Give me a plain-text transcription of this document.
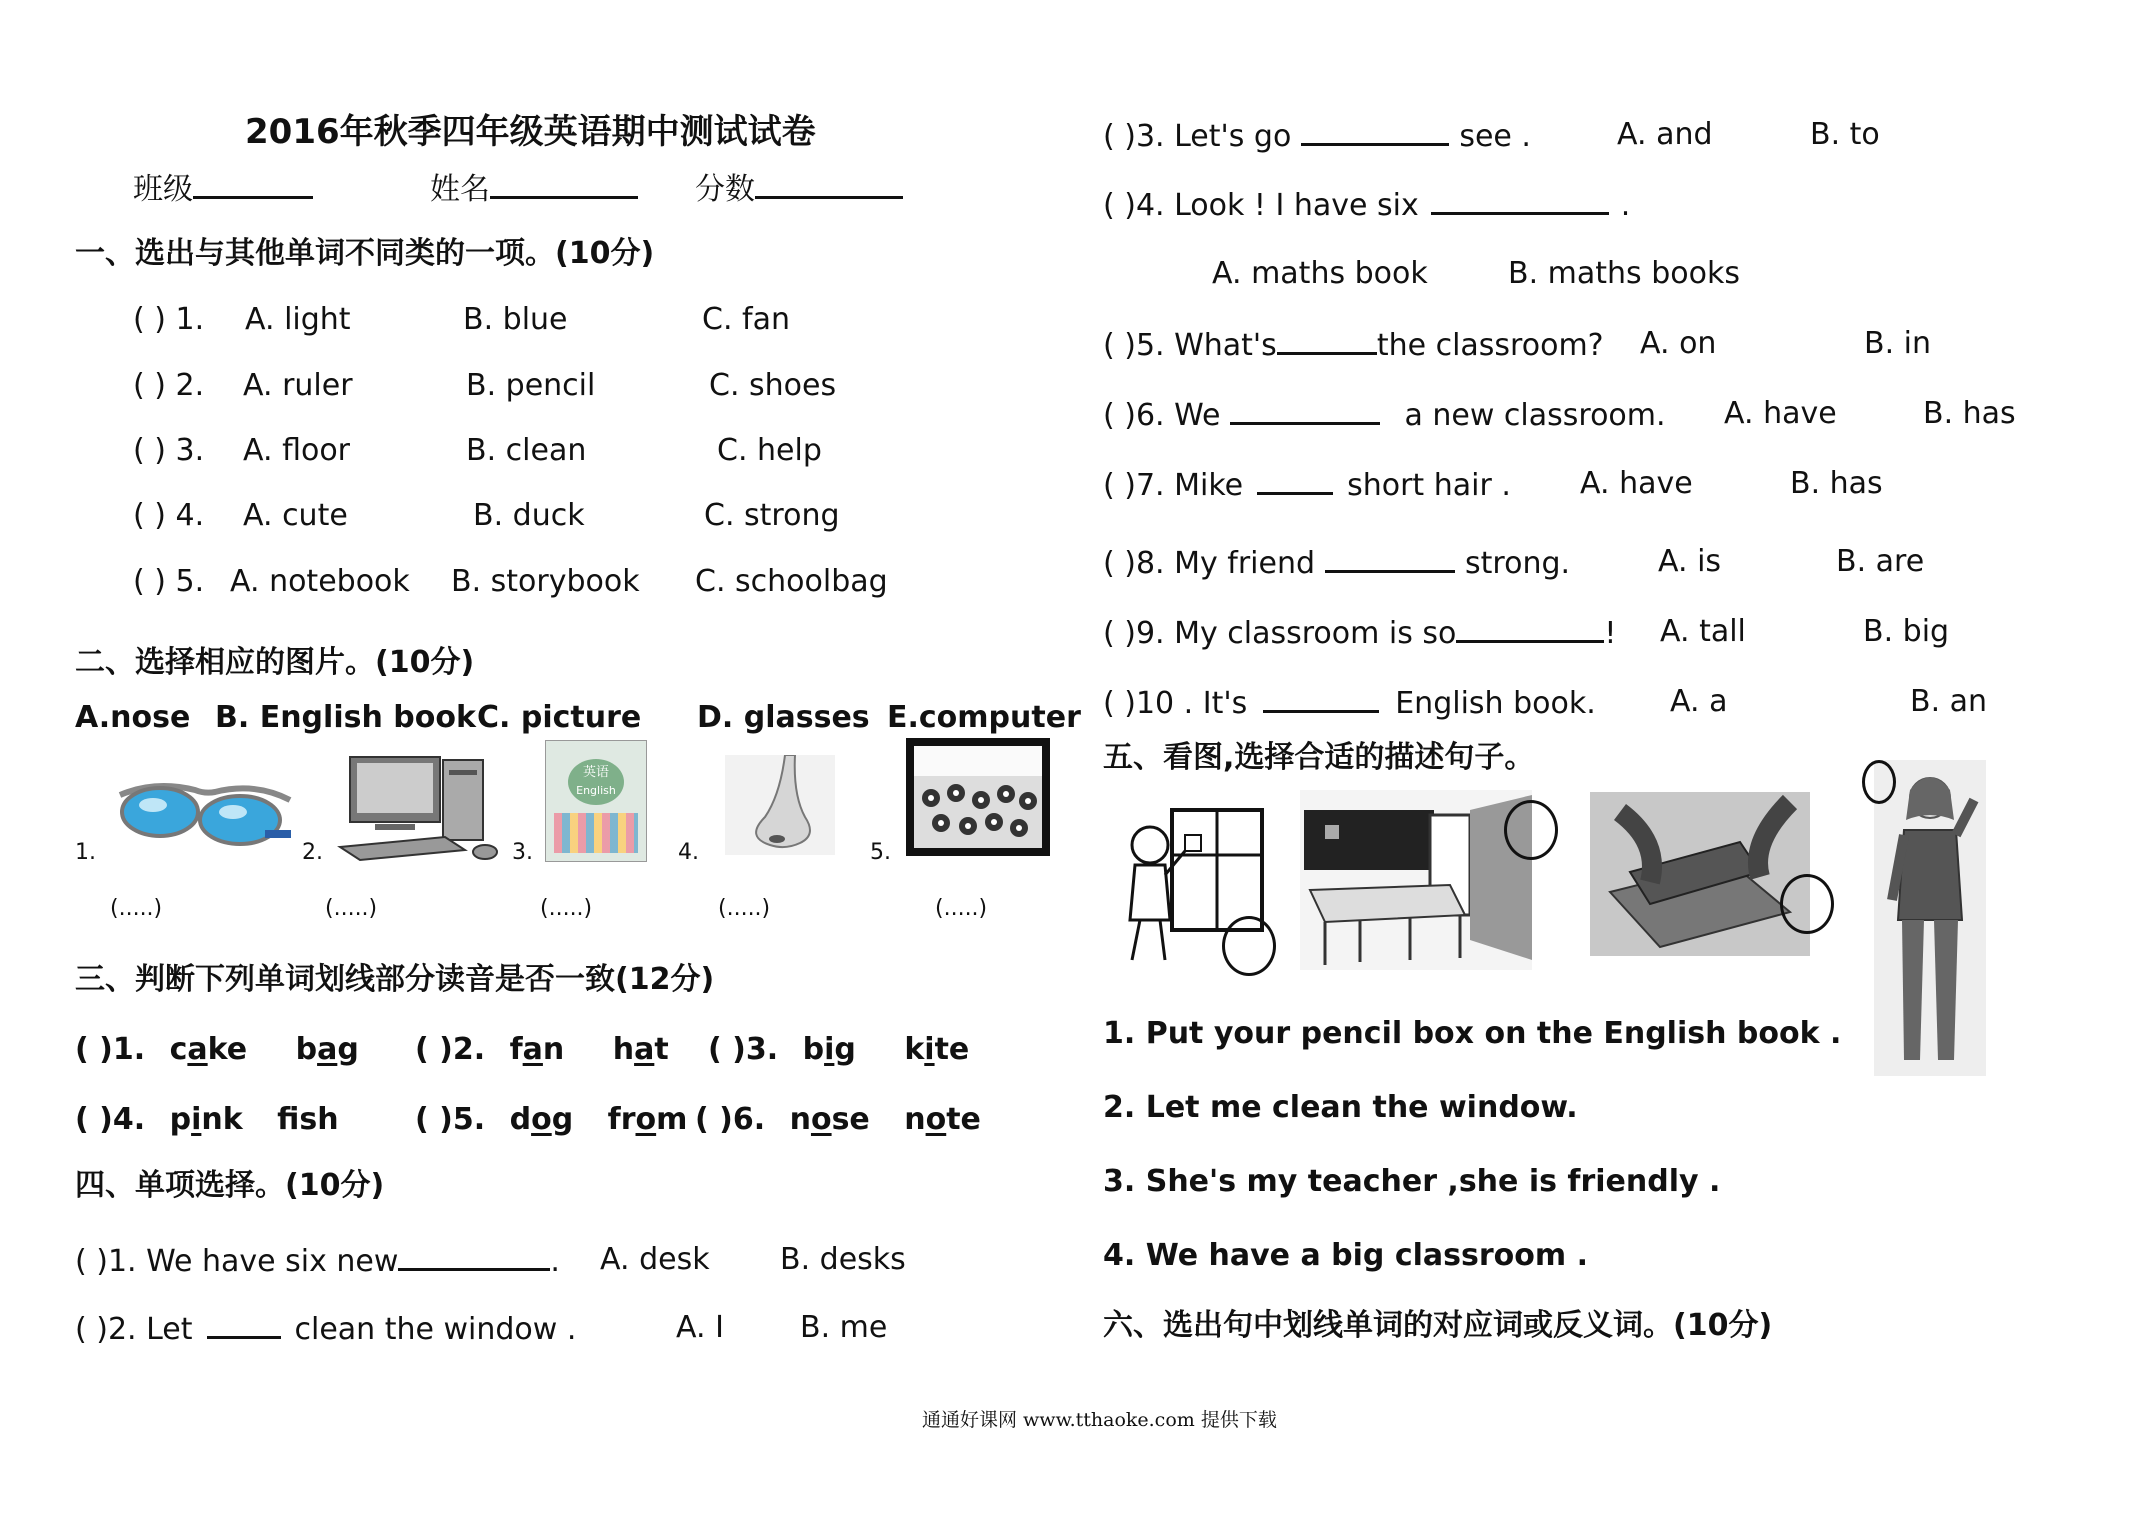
2016年秋季四年级英语期中测试试卷
班级	姓名	分数
一、选出与其他单词不同类的一项。(10分)
( ) 1. A. light	B. blue	C. fan
( ) 2. A. ruler	B. pencil	C. shoes
( ) 3. A. floor	B. clean	C. help
( ) 4. A. cute	B. duck	C. strong
( ) 5. A. notebook B. storybook C. schoolbag
二、选择相应的图片。(10分)
A.nose B. English book C. picture D. glasses E.computer
1.	2.	3.
英语
English
4.	5.
(.....)	(.....)	(.....)	(.....)	(.....)
三、判断下列单词划线部分读音是否一致(12分)
( )1. cake bag ( )2. fan hat ( )3. big kite
( )4. pink fsh	( )5. dog from ( )6. nose note
四、单项选择。(10分)
( )1. We have six new	. A. desk B. desks
( )2. Let	clean the window .	A. I	B. me
( )3. Let's go	see .	A. and	B. to
( )4. Look ! I have six	.
A. maths book	B. maths books
( )5. What's	the classroom? A. on	B. in
( )6. We	a new classroom. A. have	B. has
( )7. Mike	short hair . A. have	B. has
( )8. My friend	strong.	A. is	B. are
( )9. My classroom is so	! A. tall	B. big
( )10 . It's	English book. A. a	B. an
五、看图,选择合适的描述句子。
1. Put your pencil box on the English book .
2. Let me clean the window.
3. She's my teacher ,she is friendly .
4. We have a big classroom .
六、选出句中划线单词的对应词或反义词。(10分)
通通好课网 www.tthaoke.com 提供下载
